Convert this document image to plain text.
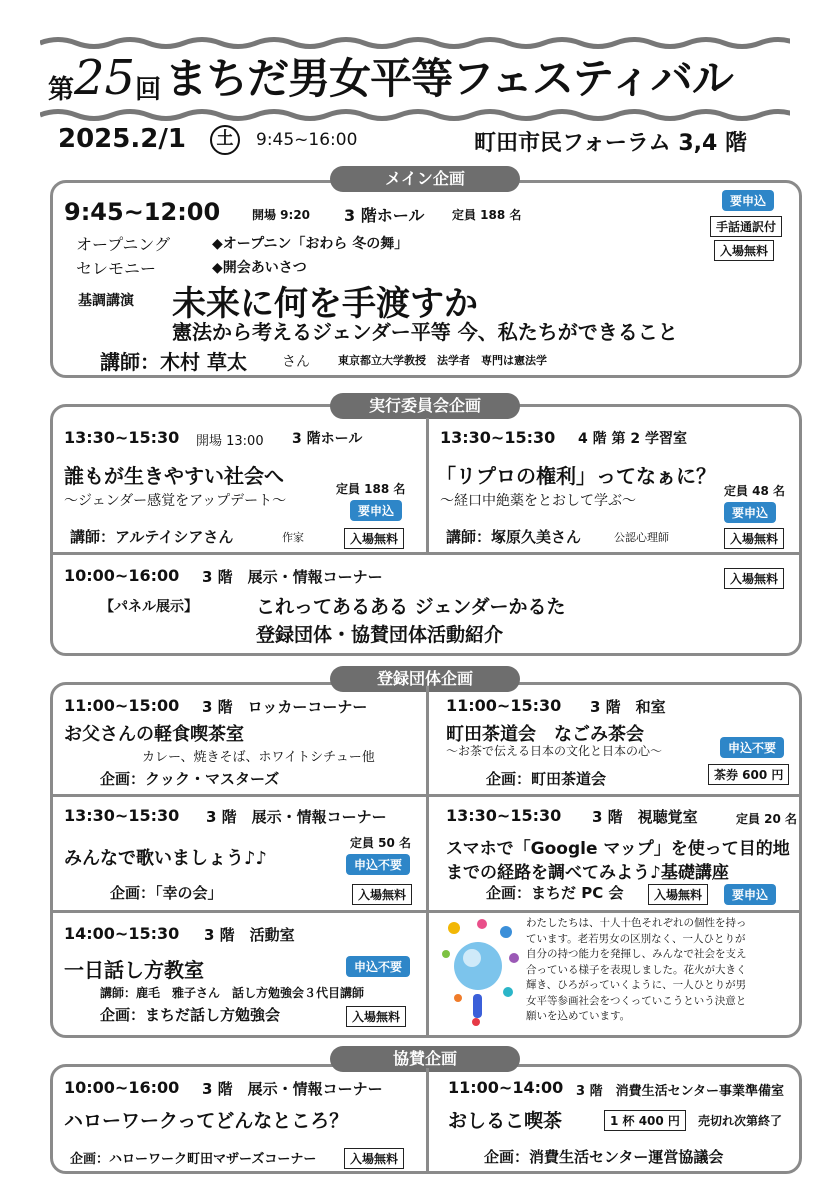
第25回まちだ男女平等フェスティバル
2025.2/1	土	9:45~16:00	町田市民フォーラム 3,4 階
メイン企画
9:45~12:00	開場 9:20 3 階ホール 定員 188 名
要申込
手話通訳付
入場無料
オープニング
セレモニー
◆オープニン「おわら 冬の舞」
◆開会あいさつ
基調講演 未来に何を手渡すか
憲法から考えるジェンダー平等 今、私たちができること
講師：木村 草太	さん	東京都立大学教授　法学者　専門は憲法学
実行委員会企画
13:30~15:30 開場 13:00 3 階ホール
誰もが生きやすい社会へ
～ジェンダー感覚をアップデート～
定員 188 名
要申込
講師：アルテイシアさん	作家	入場無料
13:30~15:30 4 階 第 2 学習室
「リプロの権利」ってなぁに？
～経口中絶薬をとおして学ぶ～
定員 48 名
要申込
講師：塚原久美さん	公認心理師	入場無料
10:00~16:00 3 階　展示・情報コーナー	入場無料
【パネル展示】	これってあるある ジェンダーかるた
登録団体・協賛団体活動紹介
登録団体企画
11:00~15:00 3 階　ロッカーコーナー
お父さんの軽食喫茶室
カレー、焼きそば、ホワイトシチュー他
企画：クック・マスターズ
11:00~15:30 3 階　和室
町田茶道会　なごみ茶会
～お茶で伝える日本の文化と日本の心～	申込不要
茶券 600 円
企画：町田茶道会
13:30~15:30 3 階　展示・情報コーナー
定員 50 名
申込不要
みんなで歌いましょう♪♪
企画：「幸の会」	入場無料
13:30~15:30 3 階　視聴覚室	定員 20 名
スマホで「Google マップ」を使って目的地
までの経路を調べてみよう♪基礎講座
企画：まちだ PC 会	入場無料	要申込
14:00~15:30 3 階　活動室
一日話し方教室	申込不要
講師：鹿毛　雅子さん　話し方勉強会３代目講師
企画：まちだ話し方勉強会	入場無料
わたしたちは、十人十色それぞれの個性を持っ
ています。老若男女の区別なく、一人ひとりが
自分の持つ能力を発揮し、みんなで社会を支え
合っている様子を表現しました。花火が大きく
輝き、ひろがっていくように、一人ひとりが男
女平等参画社会をつくっていこうという決意と
願いを込めています。
協賛企画
10:00~16:00 3 階　展示・情報コーナー
ハローワークってどんなところ？
企画：ハローワーク町田マザーズコーナー	入場無料
11:00~14:00 3 階　消費生活センター事業準備室
おしるこ喫茶	1 杯 400 円	売切れ次第終了
企画：消費生活センター運営協議会
